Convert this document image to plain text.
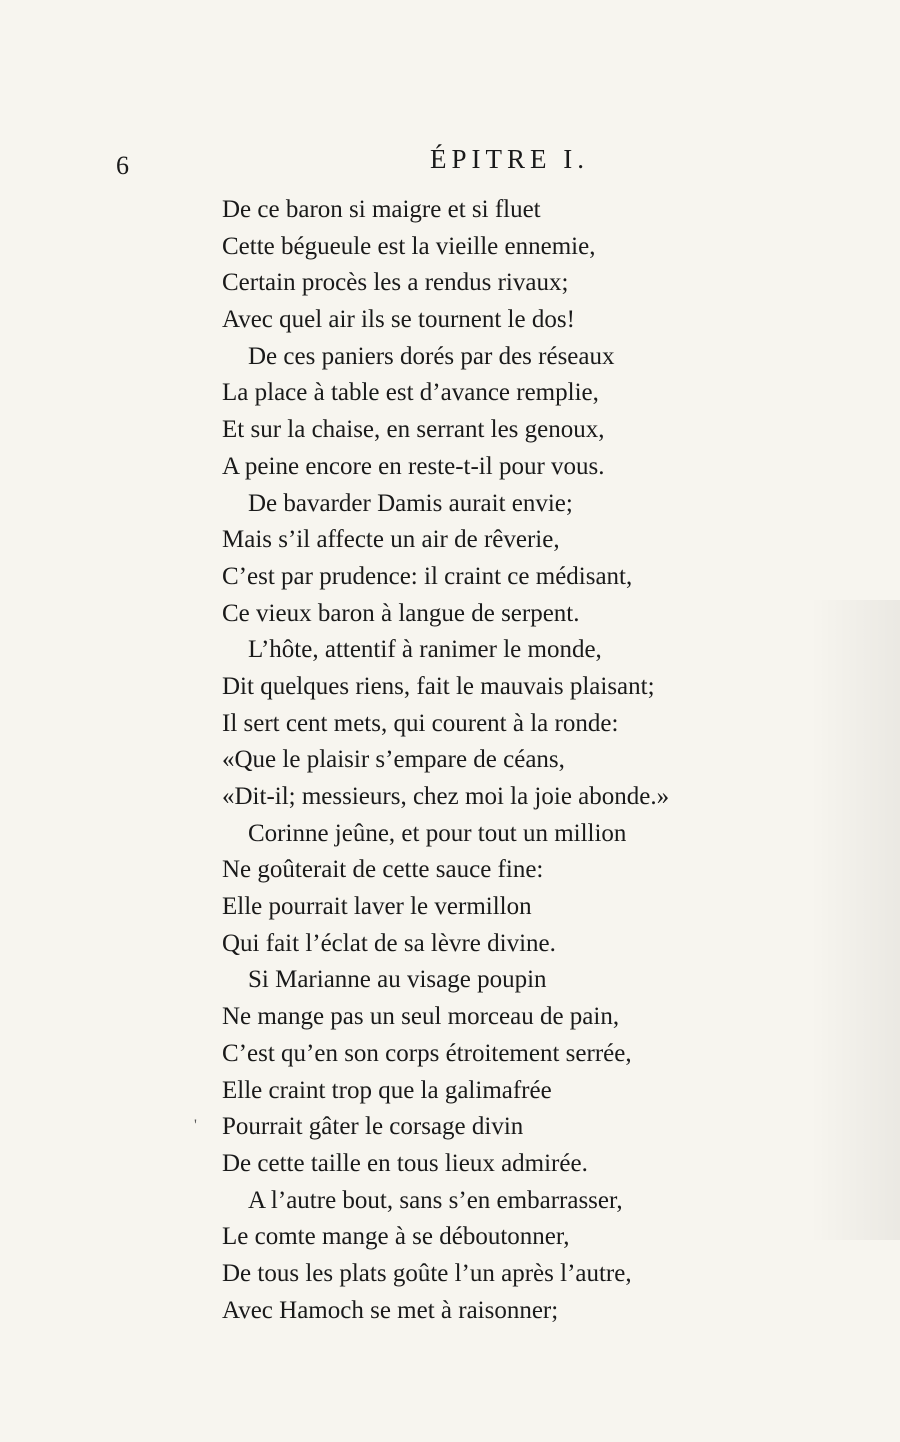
6	ÉPITRE I.
De ce baron si maigre et si fluet
Cette bégueule est la vieille ennemie,
Certain procès les a rendus rivaux;
Avec quel air ils se tournent le dos!
De ces paniers dorés par des réseaux
La place à table est d’avance remplie,
Et sur la chaise, en serrant les genoux,
A peine encore en reste-t-il pour vous.
De bavarder Damis aurait envie;
Mais s’il affecte un air de rêverie,
C’est par prudence: il craint ce médisant,
Ce vieux baron à langue de serpent.
L’hôte, attentif à ranimer le monde,
Dit quelques riens, fait le mauvais plaisant;
Il sert cent mets, qui courent à la ronde:
«Que le plaisir s’empare de céans,
«Dit-il; messieurs, chez moi la joie abonde.»
Corinne jeûne, et pour tout un million
Ne goûterait de cette sauce fine:
Elle pourrait laver le vermillon
Qui fait l’éclat de sa lèvre divine.
Si Marianne au visage poupin
Ne mange pas un seul morceau de pain,
C’est qu’en son corps étroitement serrée,
Elle craint trop que la galimafrée
Pourrait gâter le corsage divin
De cette taille en tous lieux admirée.
A l’autre bout, sans s’en embarrasser,
Le comte mange à se déboutonner,
De tous les plats goûte l’un après l’autre,
Avec Hamoch se met à raisonner;
'
